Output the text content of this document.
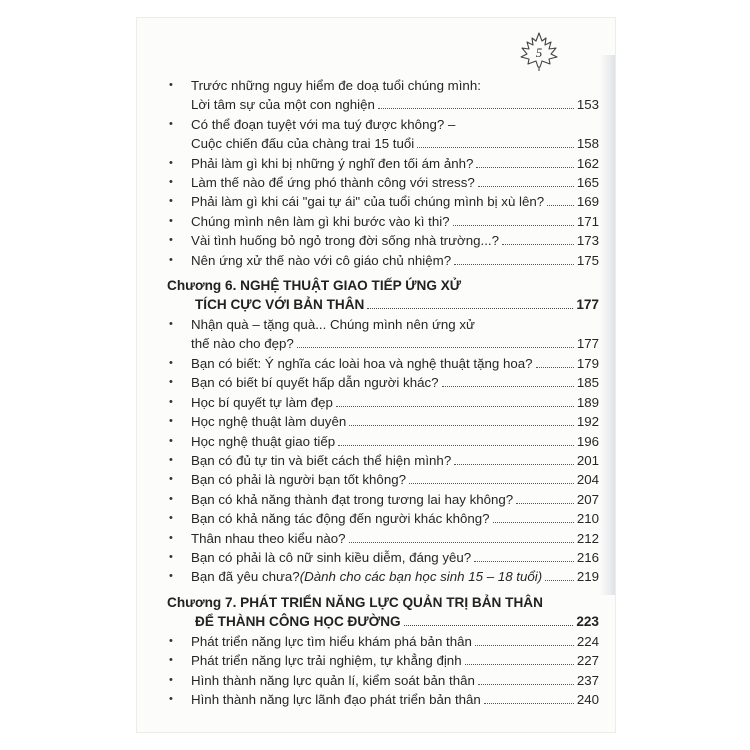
5
• Trước những nguy hiểm đe doạ tuổi chúng mình:
Lời tâm sự của một con nghiện	153
• Có thể đoạn tuyệt với ma tuý được không? –
Cuộc chiến đấu của chàng trai 15 tuổi	158
• Phải làm gì khi bị những ý nghĩ đen tối ám ảnh?	162
• Làm thế nào để ứng phó thành công với stress?	165
• Phải làm gì khi cái "gai tự ái" của tuổi chúng mình bị xù lên? 169
• Chúng mình nên làm gì khi bước vào kì thi?	171
• Vài tình huống bỏ ngỏ trong đời sống nhà trường...?	173
• Nên ứng xử thế nào với cô giáo chủ nhiệm?	175
Chương 6. NGHỆ THUẬT GIAO TIẾP ỨNG XỬ
TÍCH CỰC VỚI BẢN THÂN	177
• Nhận quà – tặng quà... Chúng mình nên ứng xử
thế nào cho đẹp?	177
• Bạn có biết: Ý nghĩa các loài hoa và nghệ thuật tặng hoa?	179
• Bạn có biết bí quyết hấp dẫn người khác?	185
• Học bí quyết tự làm đẹp	189
• Học nghệ thuật làm duyên	192
• Học nghệ thuật giao tiếp	196
• Bạn có đủ tự tin và biết cách thể hiện mình?	201
• Bạn có phải là người bạn tốt không?	204
• Bạn có khả năng thành đạt trong tương lai hay không?	207
• Bạn có khả năng tác động đến người khác không?	210
• Thân nhau theo kiểu nào?	212
• Bạn có phải là cô nữ sinh kiều diễm, đáng yêu?	216
• Bạn đã yêu chưa? (Dành cho các bạn học sinh 15 – 18 tuổi)	219
Chương 7. PHÁT TRIỂN NĂNG LỰC QUẢN TRỊ BẢN THÂN
ĐỂ THÀNH CÔNG HỌC ĐƯỜNG	223
• Phát triển năng lực tìm hiểu khám phá bản thân	224
• Phát triển năng lực trải nghiệm, tự khẳng định	227
• Hình thành năng lực quản lí, kiểm soát bản thân	237
• Hình thành năng lực lãnh đạo phát triển bản thân	240
